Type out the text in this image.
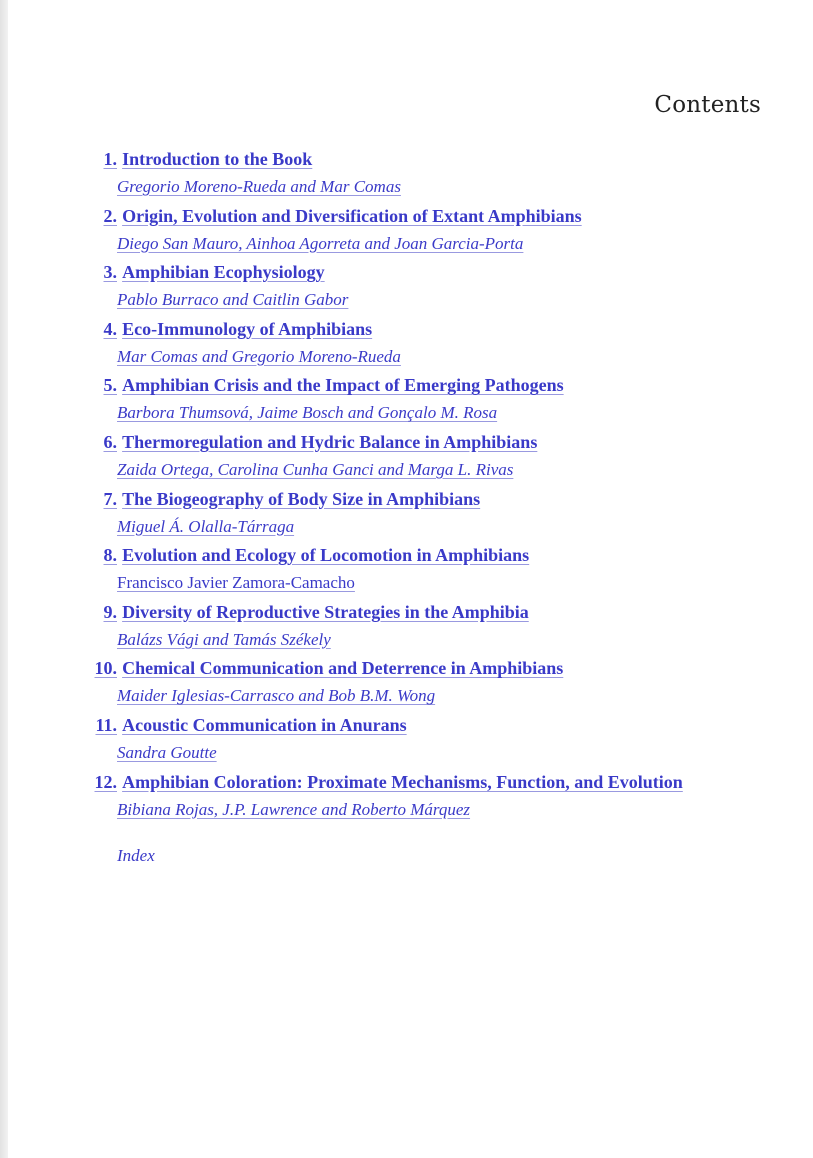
Contents
1. Introduction to the Book
Gregorio Moreno-Rueda and Mar Comas
2. Origin, Evolution and Diversification of Extant Amphibians
Diego San Mauro, Ainhoa Agorreta and Joan Garcia-Porta
3. Amphibian Ecophysiology
Pablo Burraco and Caitlin Gabor
4. Eco-Immunology of Amphibians
Mar Comas and Gregorio Moreno-Rueda
5. Amphibian Crisis and the Impact of Emerging Pathogens
Barbora Thumsová, Jaime Bosch and Gonçalo M. Rosa
6. Thermoregulation and Hydric Balance in Amphibians
Zaida Ortega, Carolina Cunha Ganci and Marga L. Rivas
7. The Biogeography of Body Size in Amphibians
Miguel Á. Olalla-Tárraga
8. Evolution and Ecology of Locomotion in Amphibians
Francisco Javier Zamora-Camacho
9. Diversity of Reproductive Strategies in the Amphibia
Balázs Vági and Tamás Székely
10. Chemical Communication and Deterrence in Amphibians
Maider Iglesias-Carrasco and Bob B.M. Wong
11. Acoustic Communication in Anurans
Sandra Goutte
12. Amphibian Coloration: Proximate Mechanisms, Function, and Evolution
Bibiana Rojas, J.P. Lawrence and Roberto Márquez
Index
